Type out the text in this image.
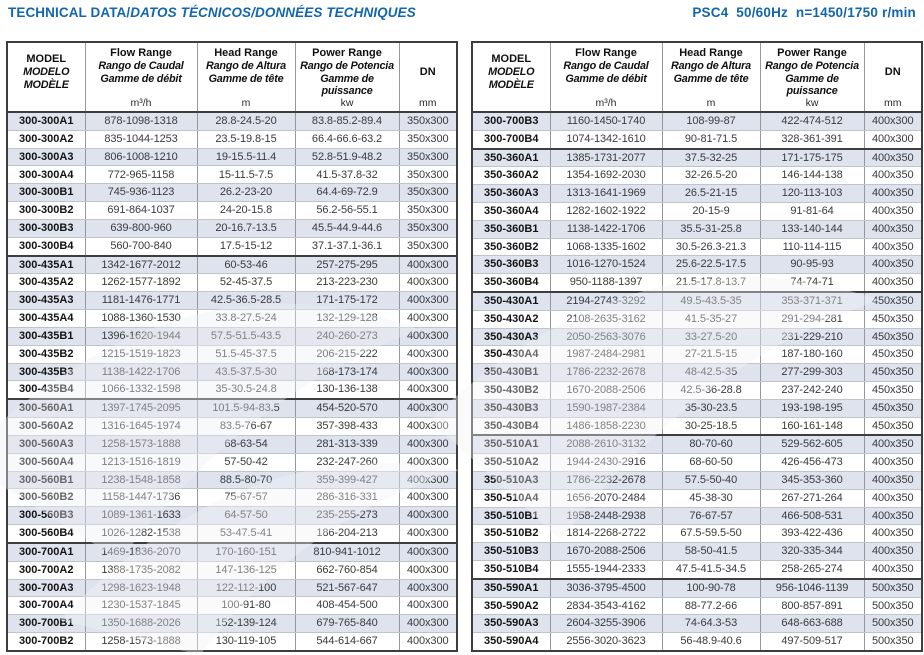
TECHNICAL DATA/DATOS TÉCNICOS/DONNÉES TECHNIQUES	PSC4  50/60Hz  n=1450/1750 r/min
MODEL
MODELO
MODÈLE

Flow Range
Rango de Caudal
Gamme de débit
m³/h

Head Range
Rango de Altura
Gamme de tête
m

Power Range
Rango de Potencia
Gamme de puissance
kw

DN
mm

300-300A1	878-1098-1318	28.8-24.5-20	83.8-85.2-89.4	350x300
300-300A2	835-1044-1253	23.5-19.8-15	66.4-66.6-63.2	350x300
300-300A3	806-1008-1210	19-15.5-11.4	52.8-51.9-48.2	350x300
300-300A4	772-965-1158	15-11.5-7.5	41.5-37.8-32	350x300
300-300B1	745-936-1123	26.2-23-20	64.4-69-72.9	350x300
300-300B2	691-864-1037	24-20-15.8	56.2-56-55.1	350x300
300-300B3	639-800-960	20-16.7-13.5	45.5-44.9-44.6	350x300
300-300B4	560-700-840	17.5-15-12	37.1-37.1-36.1	350x300
300-435A1	1342-1677-2012	60-53-46	257-275-295	400x300
300-435A2	1262-1577-1892	52-45-37.5	213-223-230	400x300
300-435A3	1181-1476-1771	42.5-36.5-28.5	171-175-172	400x300
300-435A4	1088-1360-1530	33.8-27.5-24	132-129-128	400x300
300-435B1	1396-1620-1944	57.5-51.5-43.5	240-260-273	400x300
300-435B2	1215-1519-1823	51.5-45-37.5	206-215-222	400x300
300-435B3	1138-1422-1706	43.5-37.5-30	168-173-174	400x300
300-435B4	1066-1332-1598	35-30.5-24.8	130-136-138	400x300
300-560A1	1397-1745-2095	101.5-94-83.5	454-520-570	400x300
300-560A2	1316-1645-1974	83.5-76-67	357-398-433	400x300
300-560A3	1258-1573-1888	68-63-54	281-313-339	400x300
300-560A4	1213-1516-1819	57-50-42	232-247-260	400x300
300-560B1	1238-1548-1858	88.5-80-70	359-399-427	400x300
300-560B2	1158-1447-1736	75-67-57	286-316-331	400x300
300-560B3	1089-1361-1633	64-57-50	235-255-273	400x300
300-560B4	1026-1282-1538	53-47.5-41	186-204-213	400x300
300-700A1	1469-1836-2070	170-160-151	810-941-1012	400x300
300-700A2	1388-1735-2082	147-136-125	662-760-854	400x300
300-700A3	1298-1623-1948	122-112-100	521-567-647	400x300
300-700A4	1230-1537-1845	100-91-80	408-454-500	400x300
300-700B1	1350-1688-2026	152-139-124	679-765-840	400x300
300-700B2	1258-1573-1888	130-119-105	544-614-667	400x300
MODEL
MODELO
MODÈLE

Flow Range
Rango de Caudal
Gamme de débit
m³/h

Head Range
Rango de Altura
Gamme de tête
m

Power Range
Rango de Potencia
Gamme de puissance
kw

DN
mm

300-700B3	1160-1450-1740	108-99-87	422-474-512	400x300
300-700B4	1074-1342-1610	90-81-71.5	328-361-391	400x300
350-360A1	1385-1731-2077	37.5-32-25	171-175-175	400x350
350-360A2	1354-1692-2030	32-26.5-20	146-144-138	400x350
350-360A3	1313-1641-1969	26.5-21-15	120-113-103	400x350
350-360A4	1282-1602-1922	20-15-9	91-81-64	400x350
350-360B1	1138-1422-1706	35.5-31-25.8	133-140-144	400x350
350-360B2	1068-1335-1602	30.5-26.3-21.3	110-114-115	400x350
350-360B3	1016-1270-1524	25.6-22.5-17.5	90-95-93	400x350
350-360B4	950-1188-1397	21.5-17.8-13.7	74-74-71	400x350
350-430A1	2194-2743-3292	49.5-43.5-35	353-371-371	450x350
350-430A2	2108-2635-3162	41.5-35-27	291-294-281	450x350
350-430A3	2050-2563-3076	33-27.5-20	231-229-210	450x350
350-430A4	1987-2484-2981	27-21.5-15	187-180-160	450x350
350-430B1	1786-2232-2678	48-42.5-35	277-299-303	450x350
350-430B2	1670-2088-2506	42.5-36-28.8	237-242-240	450x350
350-430B3	1590-1987-2384	35-30-23.5	193-198-195	450x350
350-430B4	1486-1858-2230	30-25-18.5	160-161-148	450x350
350-510A1	2088-2610-3132	80-70-60	529-562-605	400x350
350-510A2	1944-2430-2916	68-60-50	426-456-473	400x350
350-510A3	1786-2232-2678	57.5-50-40	345-353-360	400x350
350-510A4	1656-2070-2484	45-38-30	267-271-264	400x350
350-510B1	1958-2448-2938	76-67-57	466-508-531	400x350
350-510B2	1814-2268-2722	67.5-59.5-50	393-422-436	400x350
350-510B3	1670-2088-2506	58-50-41.5	320-335-344	400x350
350-510B4	1555-1944-2333	47.5-41.5-34.5	258-265-274	400x350
350-590A1	3036-3795-4500	100-90-78	956-1046-1139	500x350
350-590A2	2834-3543-4162	88-77.2-66	800-857-891	500x350
350-590A3	2604-3255-3906	74-64.3-53	648-663-688	500x350
350-590A4	2556-3020-3623	56-48.9-40.6	497-509-517	500x350
